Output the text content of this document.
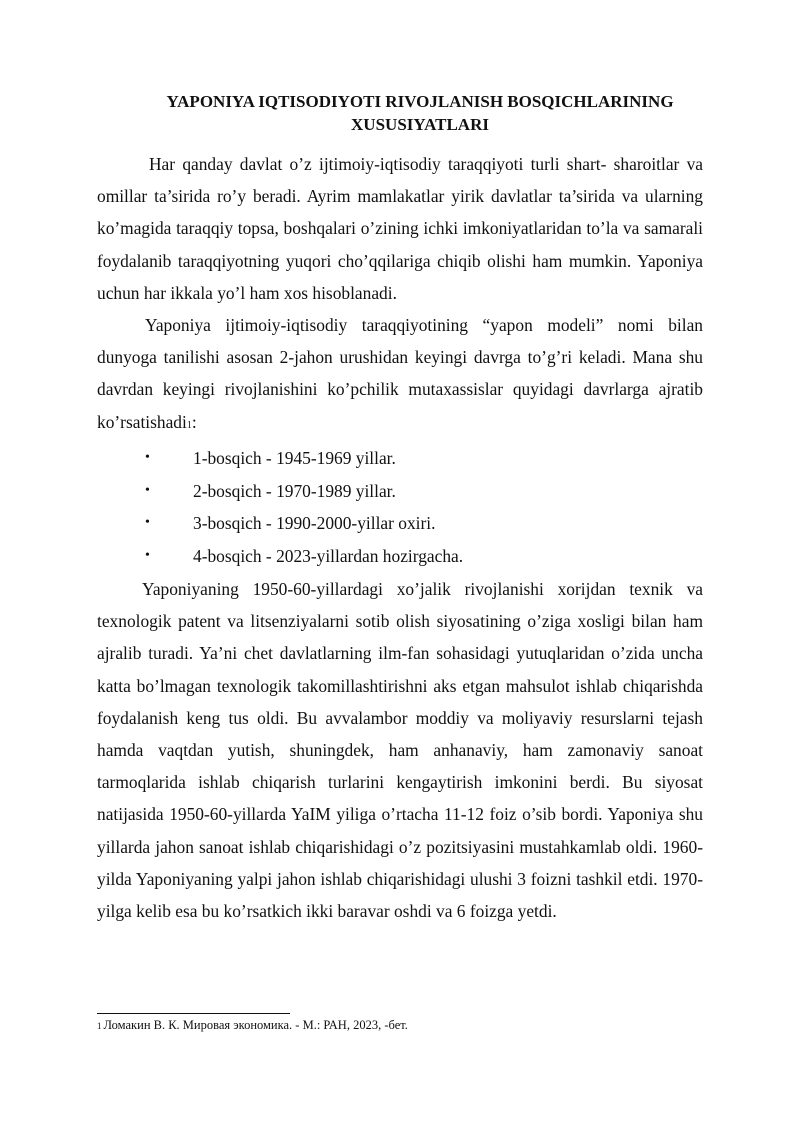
YAPONIYA IQTISODIYOTI RIVOJLANISH BOSQICHLARINING
XUSUSIYATLARI

Har qanday davlat o’z ijtimoiy-iqtisodiy taraqqiyoti turli shart- sharoitlar va omillar ta’sirida ro’y beradi. Ayrim mamlakatlar yirik davlatlar ta’sirida va ularning ko’magida taraqqiy topsa, boshqalari o’zining ichki imkoniyatlaridan to’la va samarali foydalanib taraqqiyotning yuqori cho’qqilariga chiqib olishi ham mumkin. Yaponiya uchun har ikkala yo’l ham xos hisoblanadi.

Yaponiya ijtimoiy-iqtisodiy taraqqiyotining “yapon modeli” nomi bilan dunyoga tanilishi asosan 2-jahon urushidan keyingi davrga to’g’ri keladi. Mana shu davrdan keyingi rivojlanishini ko’pchilik mutaxassislar quyidagi davrlarga ajratib ko’rsatishadi1:

• 1-bosqich - 1945-1969 yillar.
• 2-bosqich - 1970-1989 yillar.
• 3-bosqich - 1990-2000-yillar oxiri.
• 4-bosqich - 2023-yillardan hozirgacha.

Yaponiyaning 1950-60-yillardagi xo’jalik rivojlanishi xorijdan texnik va texnologik patent va litsenziyalarni sotib olish siyosatining o’ziga xosligi bilan ham ajralib turadi. Ya’ni chet davlatlarning ilm-fan sohasidagi yutuqlaridan o’zida uncha katta bo’lmagan texnologik takomillashtirishni aks etgan mahsulot ishlab chiqarishda foydalanish keng tus oldi. Bu avvalambor moddiy va moliyaviy resurslarni tejash hamda vaqtdan yutish, shuningdek, ham anhanaviy, ham zamonaviy sanoat tarmoqlarida ishlab chiqarish turlarini kengaytirish imkonini berdi. Bu siyosat natijasida 1950-60-yillarda YaIM yiligа o’rtacha 11-12 foiz o’sib bordi. Yaponiya shu yillarda jahon sanoat ishlab chiqarishidagi o’z pozitsiyasini mustahkamlab oldi. 1960-yilda Yaponiyaning yalpi jahon ishlab chiqarishidagi ulushi 3 foizni tashkil etdi. 1970-yilga kelib esa bu ko’rsatkich ikki baravar oshdi va 6 foizga yetdi.

1 Ломакин В. К. Мировая экономика. - М.: РАН, 2023, -бет.
